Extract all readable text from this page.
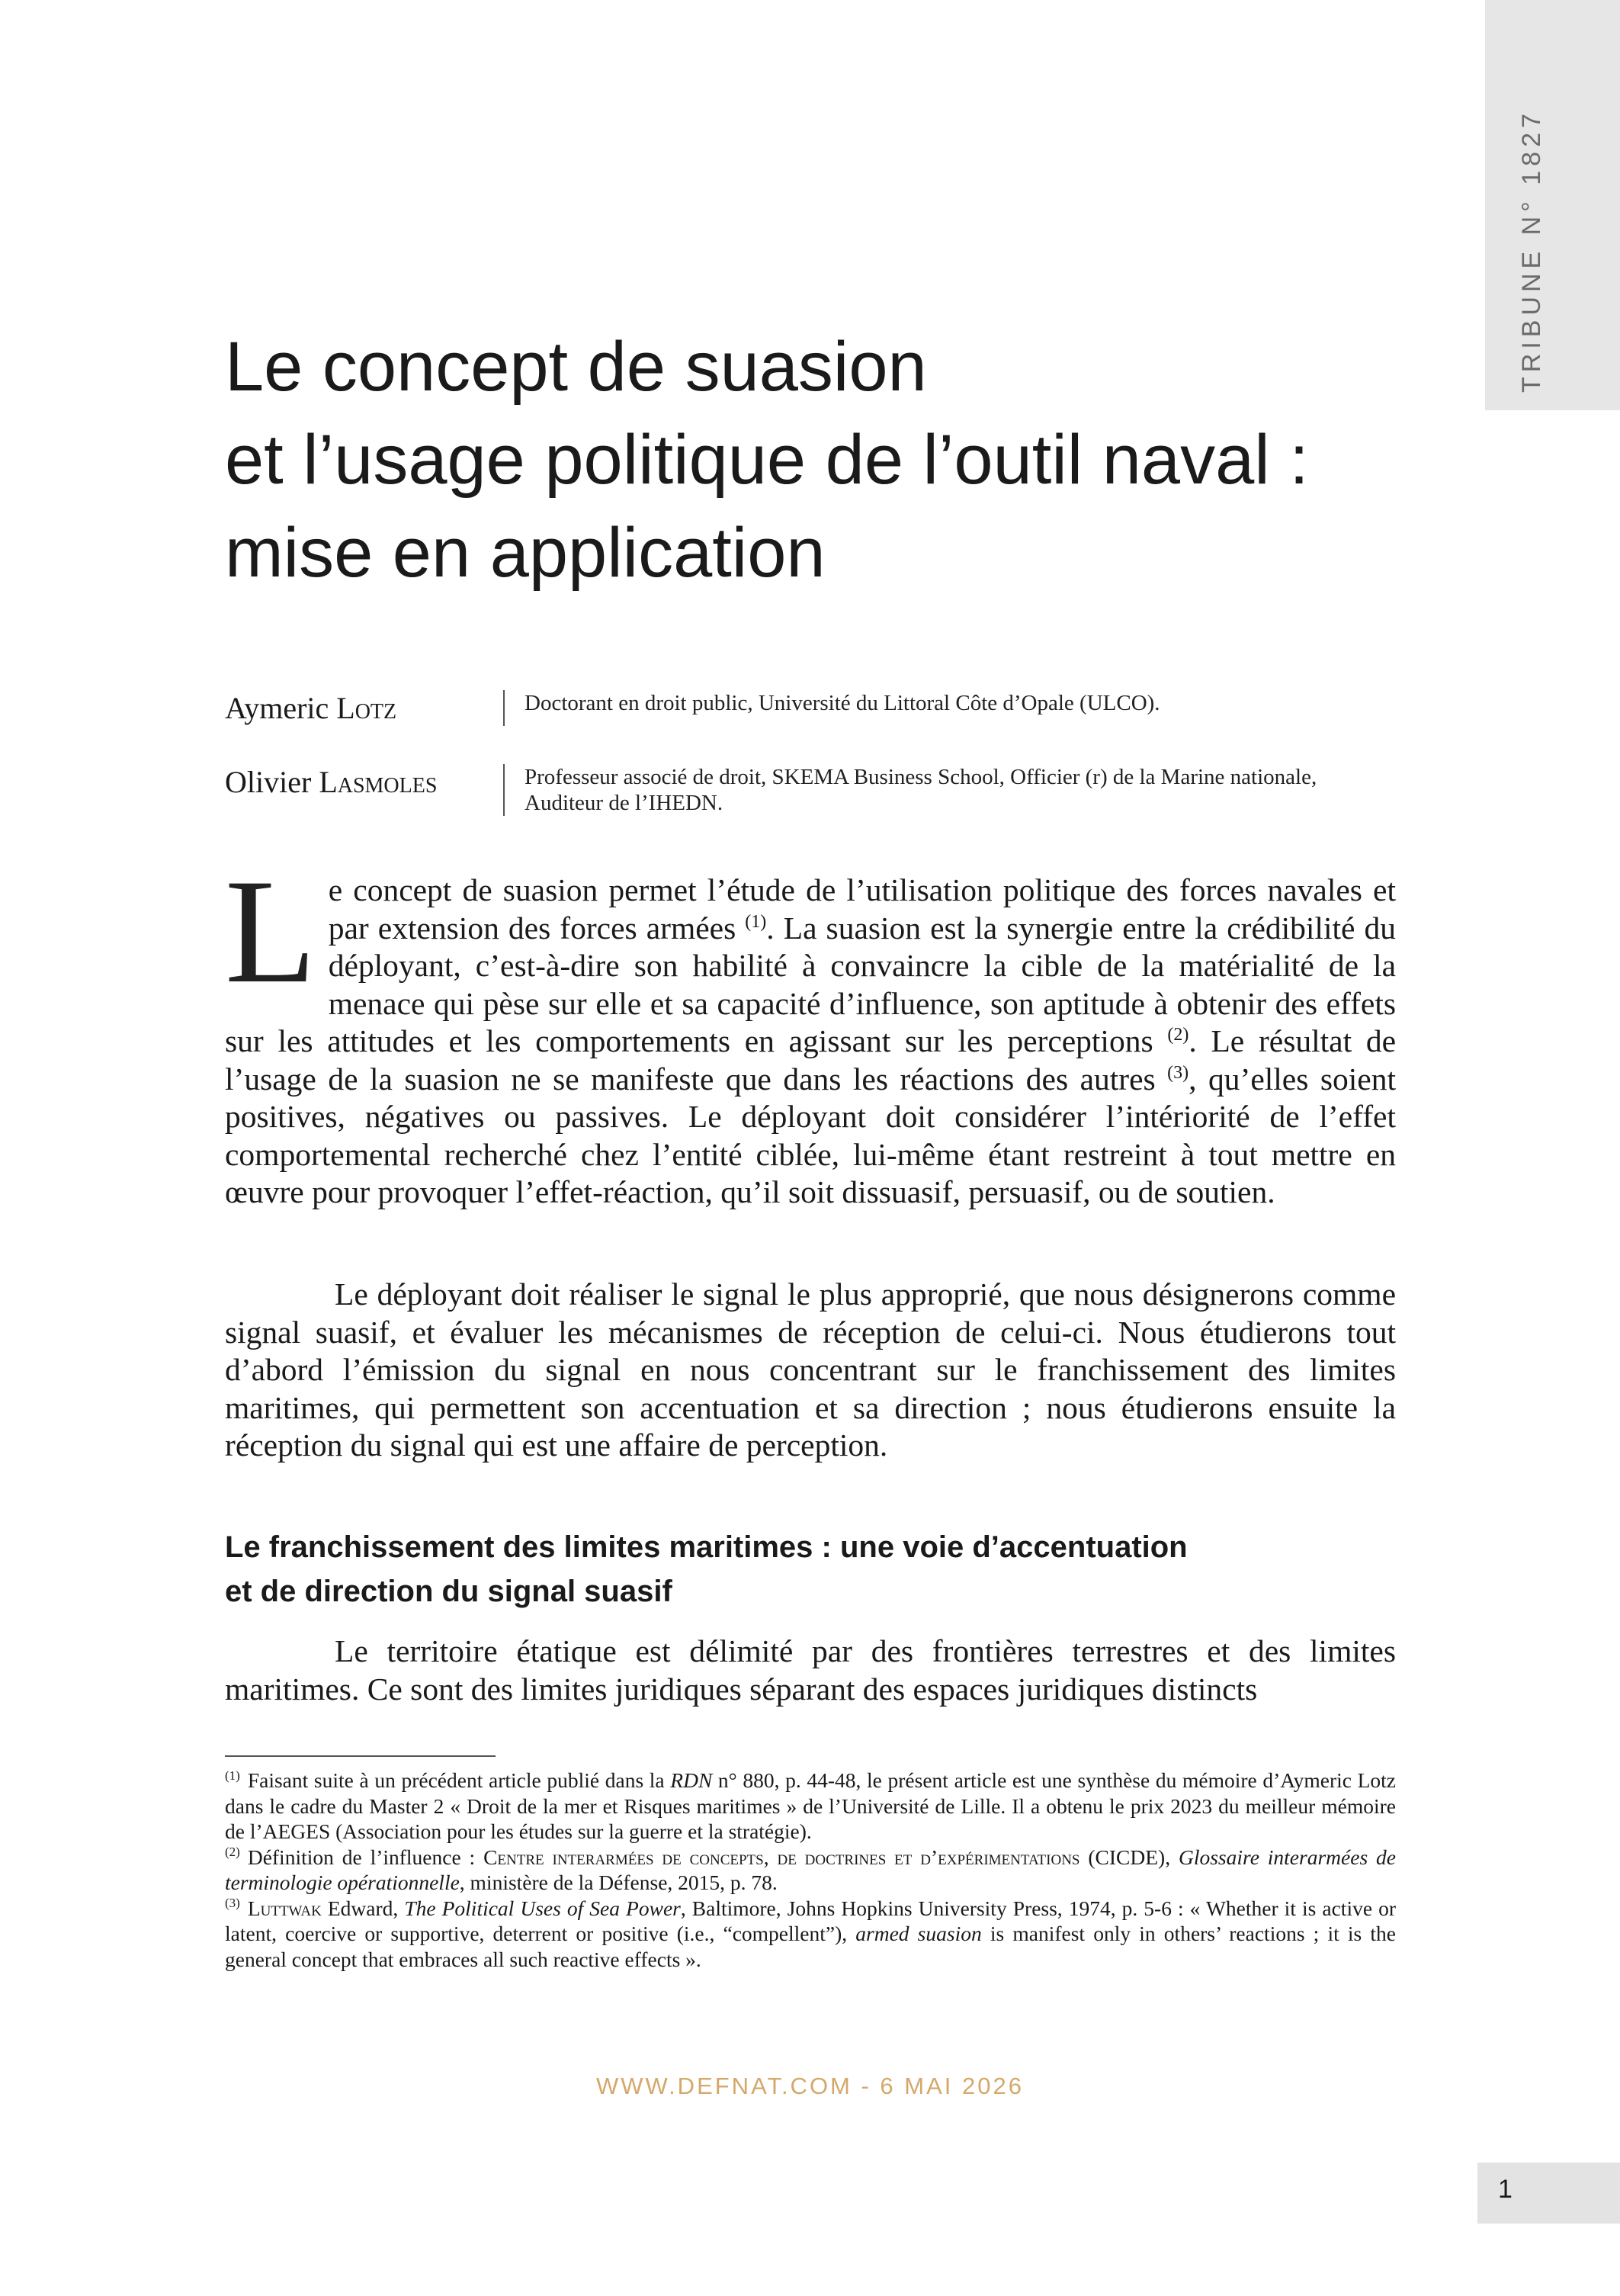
TRIBUNE N° 1827
Le concept de suasion
et l’usage politique de l’outil naval :
mise en application
Aymeric Lotz	Doctorant en droit public, Université du Littoral Côte d’Opale (ULCO).
Olivier Lasmoles	Professeur associé de droit, SKEMA Business School, Officier (r) de la Marine nationale, Auditeur de l’IHEDN.

Le concept de suasion permet l’étude de l’utilisation politique des forces navales et par extension des forces armées $^{(1)}$. La suasion est la synergie entre la crédibilité du déployant, c’est-à-dire son habilité à convaincre la cible de la matérialité de la menace qui pèse sur elle et sa capacité d’influence, son aptitude à obtenir des effets sur les attitudes et les comportements en agissant sur les perceptions $^{(2)}$. Le résultat de l’usage de la suasion ne se manifeste que dans les réactions des autres $^{(3)}$, qu’elles soient positives, négatives ou passives. Le déployant doit considérer l’intériorité de l’effet comportemental recherché chez l’entité ciblée, lui-même étant restreint à tout mettre en œuvre pour provoquer l’effet-réaction, qu’il soit dissuasif, persuasif, ou de soutien.

Le déployant doit réaliser le signal le plus approprié, que nous désignerons comme signal suasif, et évaluer les mécanismes de réception de celui-ci. Nous étudierons tout d’abord l’émission du signal en nous concentrant sur le franchissement des limites maritimes, qui permettent son accentuation et sa direction ; nous étudierons ensuite la réception du signal qui est une affaire de perception.

Le franchissement des limites maritimes : une voie d’accentuation
et de direction du signal suasif

Le territoire étatique est délimité par des frontières terrestres et des limites maritimes. Ce sont des limites juridiques séparant des espaces juridiques distincts

$^{(1)}$ Faisant suite à un précédent article publié dans la RDN n° 880, p. 44-48, le présent article est une synthèse du mémoire d’Aymeric Lotz dans le cadre du Master 2 « Droit de la mer et Risques maritimes » de l’Université de Lille. Il a obtenu le prix 2023 du meilleur mémoire de l’AEGES (Association pour les études sur la guerre et la stratégie).

$^{(2)}$ Définition de l’influence : Centre interarmées de concepts, de doctrines et d’expérimentations (CICDE), Glossaire interarmées de terminologie opérationnelle, ministère de la Défense, 2015, p. 78.

$^{(3)}$ Luttwak Edward, The Political Uses of Sea Power, Baltimore, Johns Hopkins University Press, 1974, p. 5-6 : « Whether it is active or latent, coercive or supportive, deterrent or positive (i.e., “compellent”), armed suasion is manifest only in others’ reactions ; it is the general concept that embraces all such reactive effects ».

WWW.DEFNAT.COM - 6 MAI 2026
1
